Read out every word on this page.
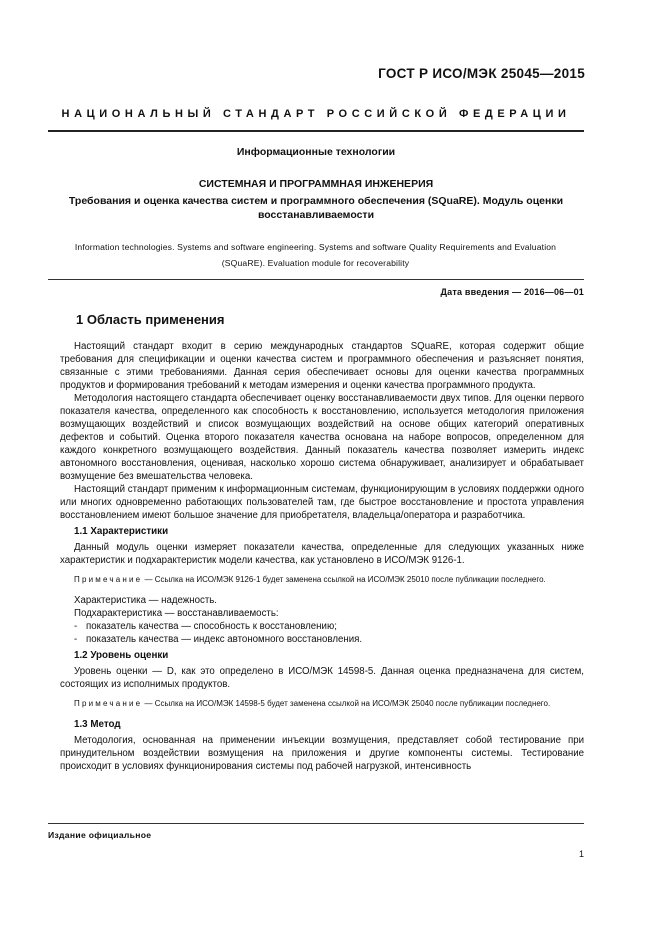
ГОСТ Р ИСО/МЭК 25045—2015
НАЦИОНАЛЬНЫЙ СТАНДАРТ РОССИЙСКОЙ ФЕДЕРАЦИИ
Информационные технологии
СИСТЕМНАЯ И ПРОГРАММНАЯ ИНЖЕНЕРИЯ
Требования и оценка качества систем и программного обеспечения (SQuaRE). Модуль оценки восстанавливаемости
Information technologies. Systems and software engineering. Systems and software Quality Requirements and Evaluation (SQuaRE). Evaluation module for recoverability
Дата введения — 2016—06—01
1 Область применения

Настоящий стандарт входит в серию международных стандартов SQuaRE, которая содержит общие требования для спецификации и оценки качества систем и программного обеспечения и разъясняет понятия, связанные с этими требованиями. Данная серия обеспечивает основы для оценки качества программных продуктов и формирования требований к методам измерения и оценки качества программного продукта.

Методология настоящего стандарта обеспечивает оценку восстанавливаемости двух типов. Для оценки первого показателя качества, определенного как способность к восстановлению, используется методология приложения возмущающих воздействий и список возмущающих воздействий на основе общих категорий оперативных дефектов и событий. Оценка второго показателя качества основана на наборе вопросов, определенном для каждого конкретного возмущающего воздействия. Данный показатель качества позволяет измерить индекс автономного восстановления, оценивая, насколько хорошо система обнаруживает, анализирует и обрабатывает возмущение без вмешательства человека.

Настоящий стандарт применим к информационным системам, функционирующим в условиях поддержки одного или многих одновременно работающих пользователей там, где быстрое восстановление и простота управления восстановлением имеют большое значение для приобретателя, владельца/оператора и разработчика.

1.1 Характеристики

Данный модуль оценки измеряет показатели качества, определенные для следующих указанных ниже характеристик и подхарактеристик модели качества, как установлено в ИСО/МЭК 9126-1.

Примечание — Ссылка на ИСО/МЭК 9126-1 будет заменена ссылкой на ИСО/МЭК 25010 после публикации последнего.
Характеристика — надежность.
Подхарактеристика — восстанавливаемость:
- показатель качества — способность к восстановлению;
- показатель качества — индекс автономного восстановления.
1.2 Уровень оценки

Уровень оценки — D, как это определено в ИСО/МЭК 14598-5. Данная оценка предназначена для систем, состоящих из исполнимых продуктов.

Примечание — Ссылка на ИСО/МЭК 14598-5 будет заменена ссылкой на ИСО/МЭК 25040 после публикации последнего.
1.3 Метод

Методология, основанная на применении инъекции возмущения, представляет собой тестирование при принудительном воздействии возмущения на приложения и другие компоненты системы. Тестирование происходит в условиях функционирования системы под рабочей нагрузкой, интенсивность

Издание официальное
1
